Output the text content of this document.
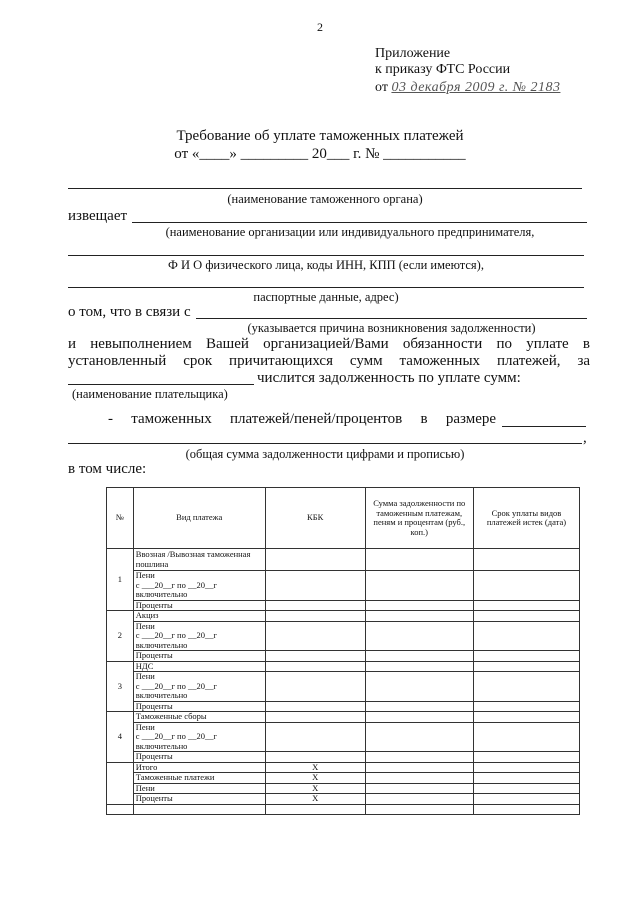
2
Приложение
к приказу ФТС России
от 03 декабря 2009 г. № 2183
Требование об уплате таможенных платежей
от «____» _________ 20___ г. № ___________
(наименование таможенного органа)
извещает
(наименование организации или индивидуального предпринимателя,
Ф И О физического лица, коды ИНН, КПП (если имеются),
паспортные данные, адрес)
о том, что в связи с
(указывается причина возникновения задолженности)
и невыполнением Вашей организацией/Вами обязанности по уплате в
установленный срок причитающихся сумм таможенных платежей, за
числится задолженность по уплате сумм:
(наименование плательщика)
- таможенных платежей/пеней/процентов в размере
,
(общая сумма задолженности цифрами и прописью)
в том числе:
№	Вид платежа	КБК	Сумма задолженности по таможенным платежам, пеням и процентам (руб., коп.)	Срок уплаты видов платежей истек (дата)
1	Ввозная /Вывозная таможенная пошлина			

	Пени
с ___20__г по __20__г
включительно			

	Проценты			
2	Акциз			

	Пени
с ___20__г по __20__г
включительно			

	Проценты			
3	НДС			

	Пени
с ___20__г по __20__г
включительно			

	Проценты			
4	Таможенные сборы			

	Пени
с ___20__г по __20__г
включительно			

	Проценты			
	Итого	Х		
	Таможенные платежи	Х		
	Пени	Х		
	Проценты	Х		
